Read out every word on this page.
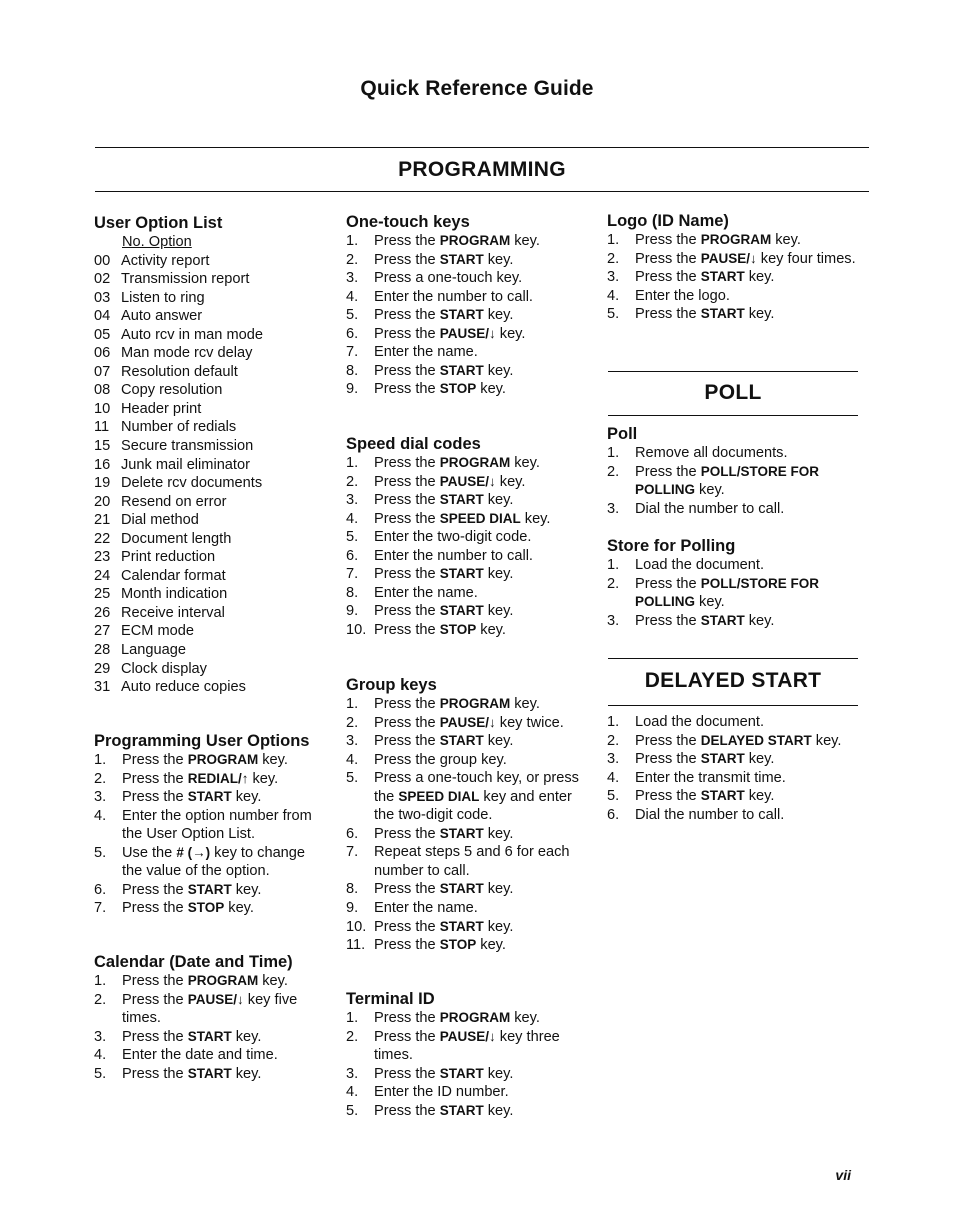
Quick Reference Guide
PROGRAMMING
User Option List
No. Option
00 Activity report
02 Transmission report
03 Listen to ring
04 Auto answer
05 Auto rcv in man mode
06 Man mode rcv delay
07 Resolution default
08 Copy resolution
10 Header print
11 Number of redials
15 Secure transmission
16 Junk mail eliminator
19 Delete rcv documents
20 Resend on error
21 Dial method
22 Document length
23 Print reduction
24 Calendar format
25 Month indication
26 Receive interval
27 ECM mode
28 Language
29 Clock display
31 Auto reduce copies
Programming User Options
1. Press the PROGRAM key.
2. Press the REDIAL/↑ key.
3. Press the START key.
4. Enter the option number from the User Option List.
5. Use the # (→) key to change the value of the option.
6. Press the START key.
7. Press the STOP key.
Calendar (Date and Time)
1. Press the PROGRAM key.
2. Press the PAUSE/↓ key five times.
3. Press the START key.
4. Enter the date and time.
5. Press the START key.
One-touch keys
1. Press the PROGRAM key.
2. Press the START key.
3. Press a one-touch key.
4. Enter the number to call.
5. Press the START key.
6. Press the PAUSE/↓ key.
7. Enter the name.
8. Press the START key.
9. Press the STOP key.
Speed dial codes
1. Press the PROGRAM key.
2. Press the PAUSE/↓ key.
3. Press the START key.
4. Press the SPEED DIAL key.
5. Enter the two-digit code.
6. Enter the number to call.
7. Press the START key.
8. Enter the name.
9. Press the START key.
10. Press the STOP key.
Group keys
1. Press the PROGRAM key.
2. Press the PAUSE/↓ key twice.
3. Press the START key.
4. Press the group key.
5. Press a one-touch key, or press the SPEED DIAL key and enter the two-digit code.
6. Press the START key.
7. Repeat steps 5 and 6 for each number to call.
8. Press the START key.
9. Enter the name.
10. Press the START key.
11. Press the STOP key.
Terminal ID
1. Press the PROGRAM key.
2. Press the PAUSE/↓ key three times.
3. Press the START key.
4. Enter the ID number.
5. Press the START key.
Logo (ID Name)
1. Press the PROGRAM key.
2. Press the PAUSE/↓ key four times.
3. Press the START key.
4. Enter the logo.
5. Press the START key.
POLL
Poll
1. Remove all documents.
2. Press the POLL/STORE FOR POLLING key.
3. Dial the number to call.
Store for Polling
1. Load the document.
2. Press the POLL/STORE FOR POLLING key.
3. Press the START key.
DELAYED START
1. Load the document.
2. Press the DELAYED START key.
3. Press the START key.
4. Enter the transmit time.
5. Press the START key.
6. Dial the number to call.
vii
